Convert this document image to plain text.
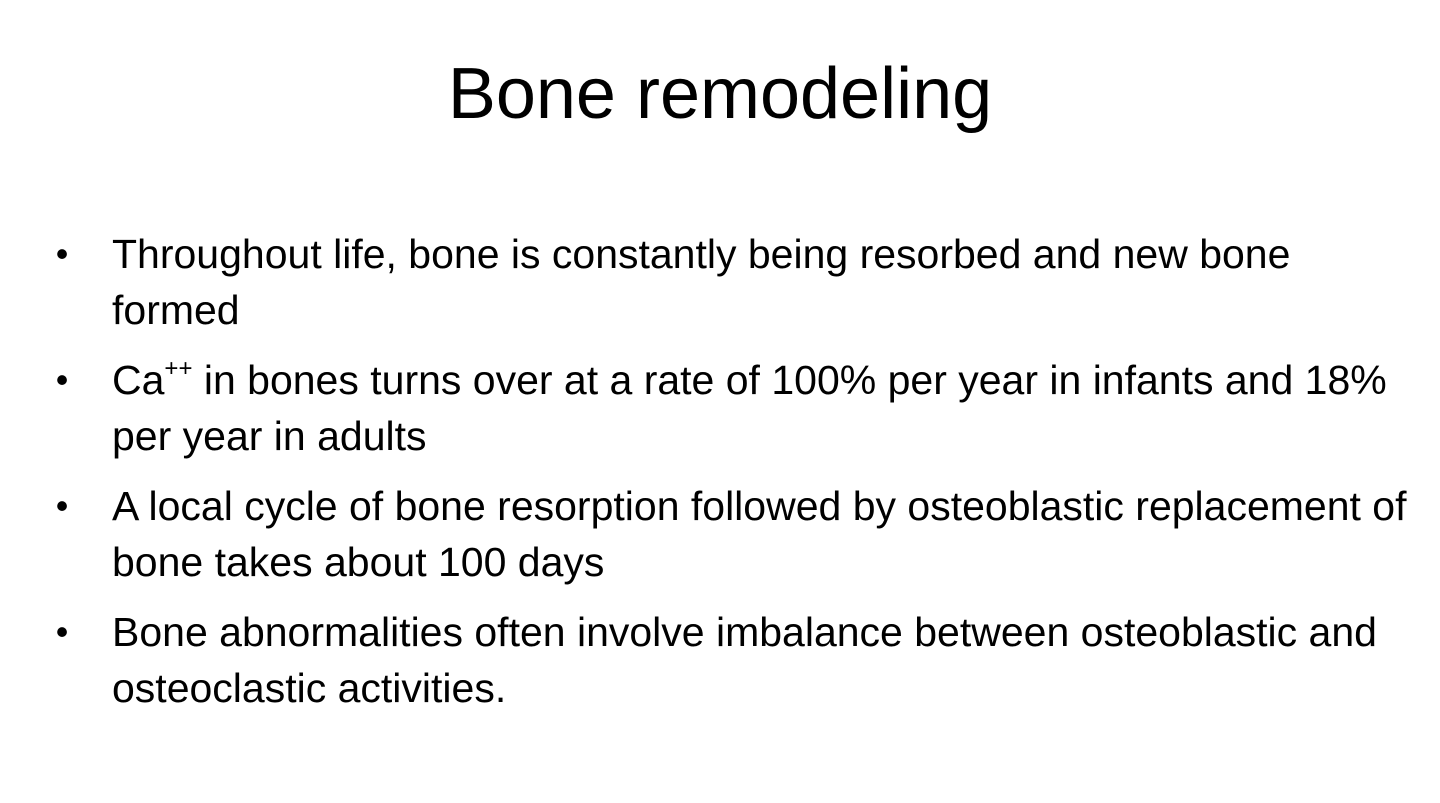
Bone remodeling
• Throughout life, bone is constantly being resorbed and new bone formed
• Ca++ in bones turns over at a rate of 100% per year in infants and 18% per year in adults
• A local cycle of bone resorption followed by osteoblastic replacement of bone takes about 100 days
• Bone abnormalities often involve imbalance between osteoblastic and osteoclastic activities.
